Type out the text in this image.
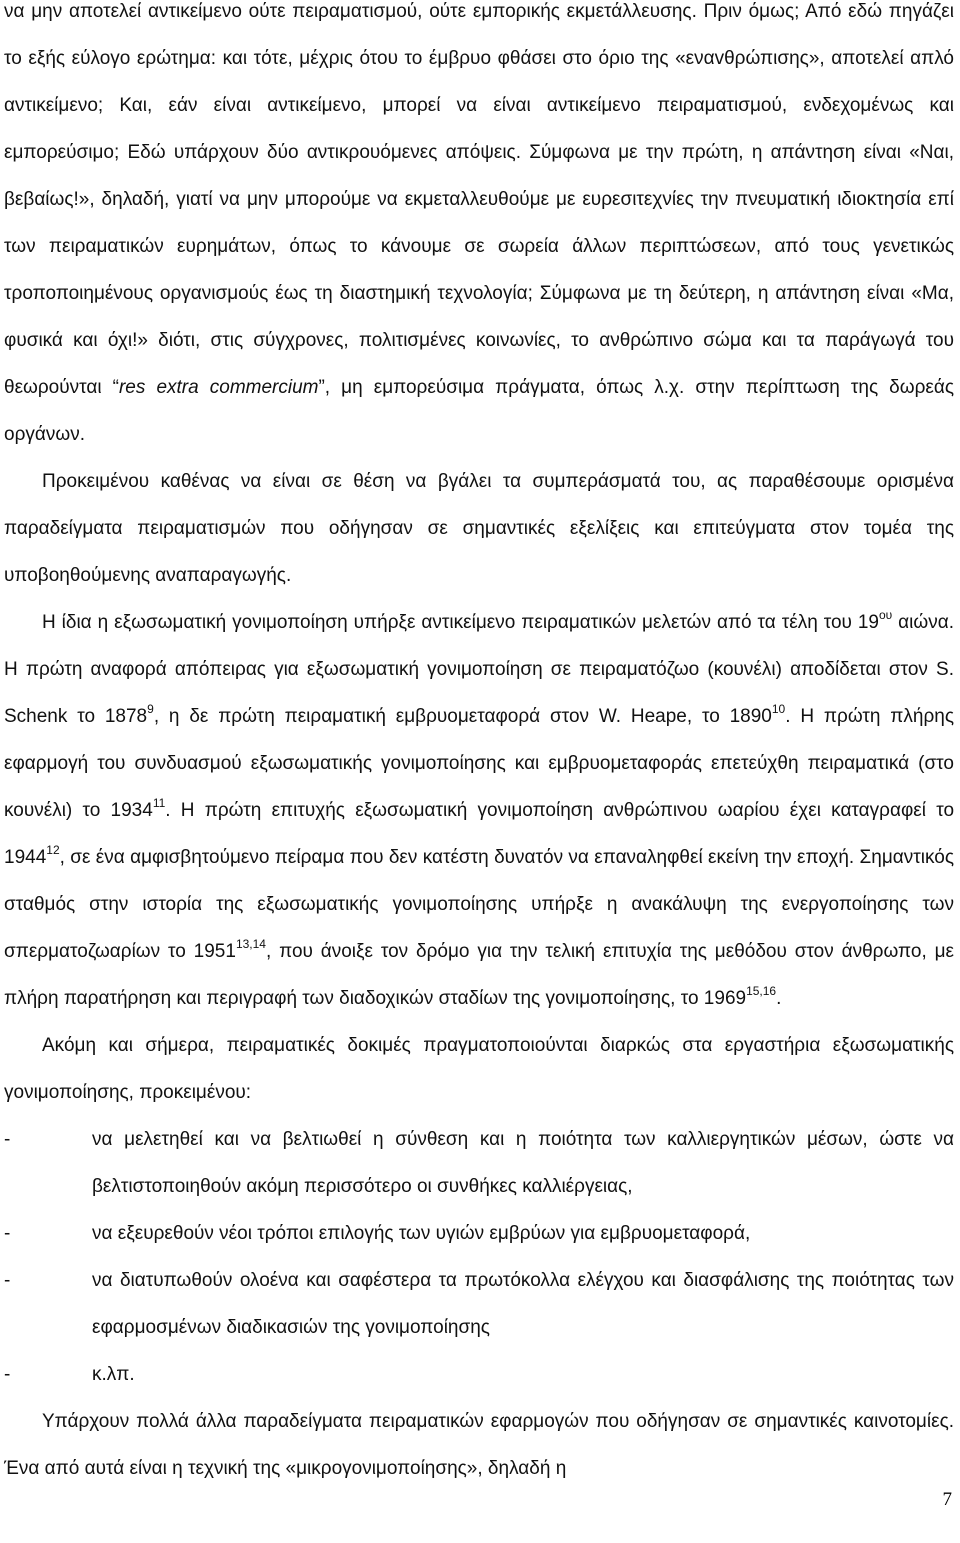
να μην αποτελεί αντικείμενο ούτε πειραματισμού, ούτε εμπορικής εκμετάλλευσης. Πριν όμως; Από εδώ πηγάζει το εξής εύλογο ερώτημα: και τότε, μέχρις ότου το έμβρυο φθάσει στο όριο της «εναvθρώπισης», αποτελεί απλό αντικείμενο; Και, εάν είναι αντικείμενο, μπορεί να είναι αντικείμενο πειραματισμού, ενδεχομένως και εμπορεύσιμο; Εδώ υπάρχουν δύο αντικρουόμενες απόψεις. Σύμφωνα με την πρώτη, η απάντηση είναι «Ναι, βεβαίως!», δηλαδή, γιατί να μην μπορούμε να εκμεταλλευθούμε με ευρεσιτεχνίες την πνευματική ιδιοκτησία επί των πειραματικών ευρημάτων, όπως το κάνουμε σε σωρεία άλλων περιπτώσεων, από τους γενετικώς τροποποιημένους οργανισμούς έως τη διαστημική τεχνολογία; Σύμφωνα με τη δεύτερη, η απάντηση είναι «Μα, φυσικά και όχι!» διότι, στις σύγχρονες, πολιτισμένες κοινωνίες, το ανθρώπινο σώμα και τα παράγωγά του θεωρούνται “res extra commercium”, μη εμπορεύσιμα πράγματα, όπως λ.χ. στην περίπτωση της δωρεάς οργάνων.

Προκειμένου καθένας να είναι σε θέση να βγάλει τα συμπεράσματά του, ας παραθέσουμε ορισμένα παραδείγματα πειραματισμών που οδήγησαν σε σημαντικές εξελίξεις και επιτεύγματα στον τομέα της υποβοηθούμενης αναπαραγωγής.

Η ίδια η εξωσωματική γονιμοποίηση υπήρξε αντικείμενο πειραματικών μελετών από τα τέλη του $19^{o\upsilon}$ αιώνα. Η πρώτη αναφορά απόπειρας για εξωσωματική γονιμοποίηση σε πειραματόζωο (κουνέλι) αποδίδεται στον S. Schenk το 1878$^9$, η δε πρώτη πειραματική εμβρυομεταφορά στον W. Heape, το 1890$^{10}$. Η πρώτη πλήρης εφαρμογή του συνδυασμού εξωσωματικής γονιμοποίησης και εμβρυομεταφοράς επετεύχθη πειραματικά (στο κουνέλι) το 1934$^{11}$. Η πρώτη επιτυχής εξωσωματική γονιμοποίηση ανθρώπινου ωαρίου έχει καταγραφεί το 1944$^{12}$, σε ένα αμφισβητούμενο πείραμα που δεν κατέστη δυνατόν να επαναληφθεί εκείνη την εποχή. Σημαντικός σταθμός στην ιστορία της εξωσωματικής γονιμοποίησης υπήρξε η ανακάλυψη της ενεργοποίησης των σπερματοζωαρίων το 1951$^{13,14}$, που άνοιξε τον δρόμο για την τελική επιτυχία της μεθόδου στον άνθρωπο, με πλήρη παρατήρηση και περιγραφή των διαδοχικών σταδίων της γονιμοποίησης, το 1969$^{15,16}$.

Ακόμη και σήμερα, πειραματικές δοκιμές πραγματοποιούνται διαρκώς στα εργαστήρια εξωσωματικής γονιμοποίησης, προκειμένου:

-	να μελετηθεί και να βελτιωθεί η σύνθεση και η ποιότητα των καλλιεργητικών μέσων, ώστε να βελτιστοποιηθούν ακόμη περισσότερο οι συνθήκες καλλιέργειας,
-	να εξευρεθούν νέοι τρόποι επιλογής των υγιών εμβρύων για εμβρυομεταφορά,
-	να διατυπωθούν ολοένα και σαφέστερα τα πρωτόκολλα ελέγχου και διασφάλισης της ποιότητας των εφαρμοσμένων διαδικασιών της γονιμοποίησης
-	κ.λπ.

Υπάρχουν πολλά άλλα παραδείγματα πειραματικών εφαρμογών που οδήγησαν σε σημαντικές καινοτομίες. Ένα από αυτά είναι η τεχνική της «μικρογονιμοποίησης», δηλαδή η

7
